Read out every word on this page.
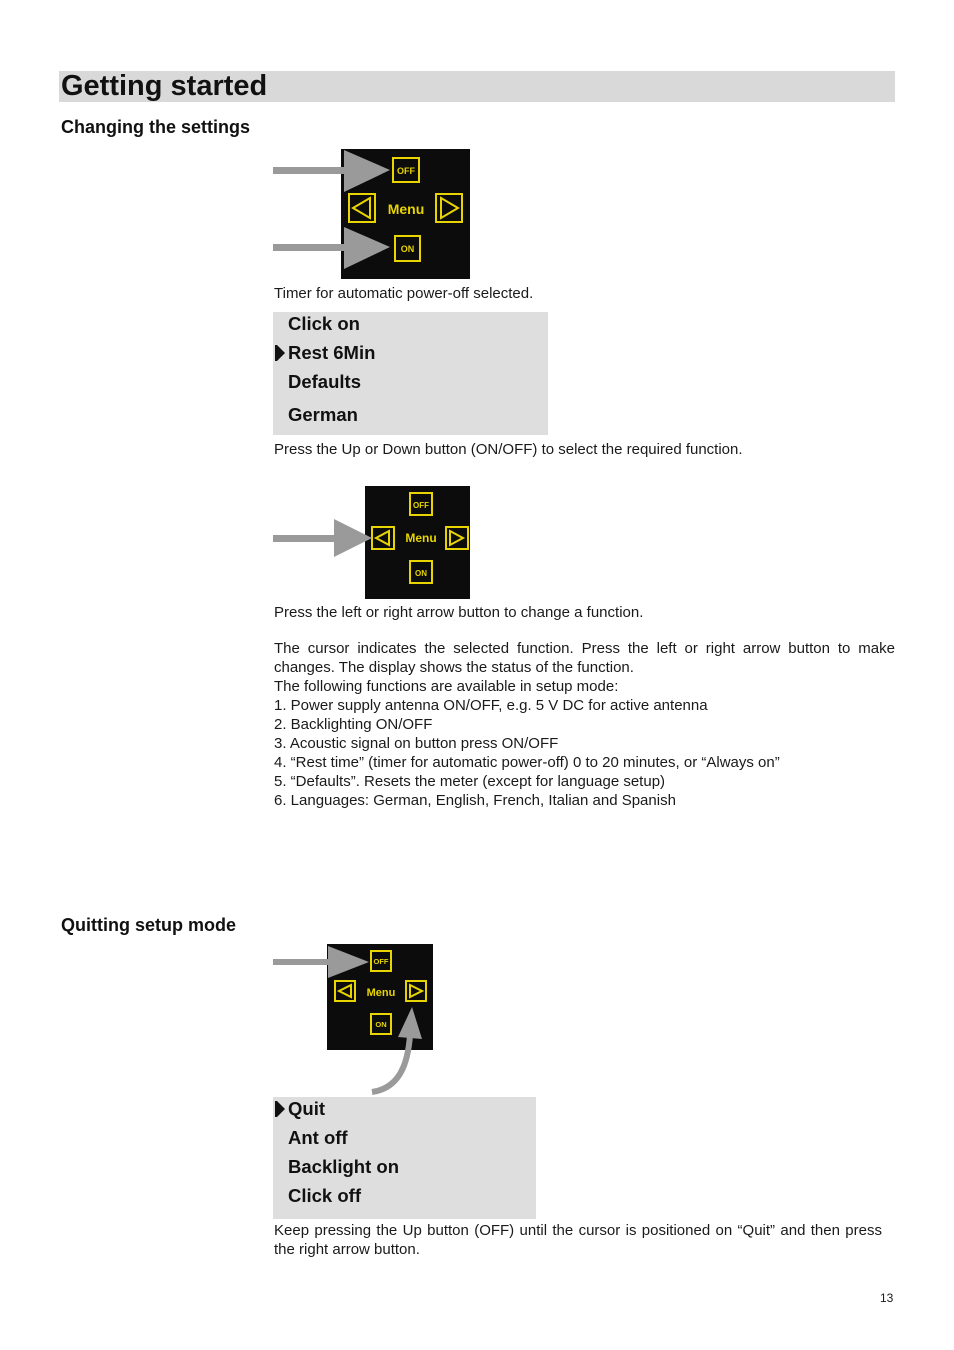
Getting started
Changing the settings
OFF
Menu
ON
Timer for automatic power-off selected.
Click on
Rest 6Min
Defaults
German
Press the Up or Down button (ON/OFF) to select the required function.
OFF
Menu
ON
Press the left or right arrow button to change a function.
The cursor indicates the selected function. Press the left or right arrow button to make changes. The display shows the status of the function.
The following functions are available in setup mode:
1. Power supply antenna ON/OFF, e.g. 5 V DC for active antenna
2. Backlighting ON/OFF
3. Acoustic signal on button press ON/OFF
4. “Rest time” (timer for automatic power-off) 0 to 20 minutes, or “Always on”
5. “Defaults”. Resets the meter (except for language setup)
6. Languages: German, English, French, Italian and Spanish
Quitting setup mode
OFF
Menu
ON
Quit
Ant off
Backlight on
Click off
Keep pressing the Up button (OFF) until the cursor is positioned on “Quit” and then press the right arrow button.
13
